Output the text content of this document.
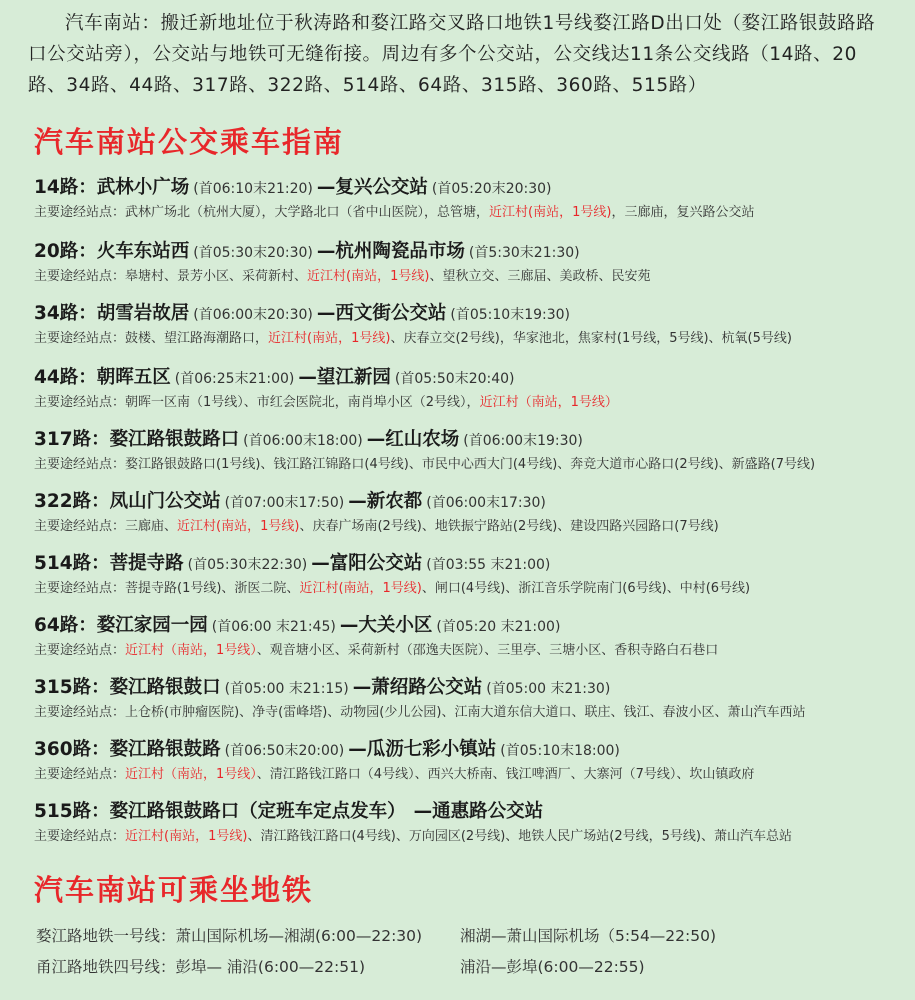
汽车南站：搬迁新地址位于秋涛路和婺江路交叉路口地铁1号线婺江路D出口处（婺江路银鼓路路口公交站旁），公交站与地铁可无缝衔接。周边有多个公交站，公交线达11条公交线路（14路、20路、34路、44路、317路、322路、514路、64路、315路、360路、515路）
汽车南站公交乘车指南
14路：武林小广场 (首06:10末21:20) —复兴公交站 (首05:20末20:30)
主要途经站点：武林广场北（杭州大厦），大学路北口（省中山医院），总管塘，近江村(南站，1号线)，三廊庙，复兴路公交站
20路：火车东站西 (首05:30末20:30) —杭州陶瓷品市场 (首5:30末21:30)
主要途经站点：皋塘村、景芳小区、采荷新村、近江村(南站，1号线)、望秋立交、三廊届、美政桥、民安苑
34路：胡雪岩故居 (首06:00末20:30) —西文街公交站 (首05:10末19:30)
主要途经站点：鼓楼、望江路海潮路口，近江村(南站，1号线)、庆春立交(2号线)，华家池北，焦家村(1号线，5号线)、杭氧(5号线)
44路：朝晖五区 (首06:25末21:00) —望江新园 (首05:50末20:40)
主要途经站点：朝晖一区南（1号线）、市红会医院北，南肖埠小区（2号线），近江村（南站，1号线）
317路：婺江路银鼓路口 (首06:00末18:00) —红山农场 (首06:00末19:30)
主要途经站点：婺江路银鼓路口(1号线)、钱江路江锦路口(4号线)、市民中心西大门(4号线)、奔竞大道市心路口(2号线)、新盛路(7号线)
322路：凤山门公交站 (首07:00末17:50) —新农都 (首06:00末17:30)
主要途经站点：三廊庙、近江村(南站，1号线)、庆春广场南(2号线)、地铁振宁路站(2号线)、建设四路兴园路口(7号线)
514路：菩提寺路 (首05:30末22:30) —富阳公交站 (首03:55 末21:00)
主要途经站点：菩提寺路(1号线)、浙医二院、近江村(南站，1号线)、闸口(4号线)、浙江音乐学院南门(6号线)、中村(6号线)
64路：婺江家园一园 (首06:00 末21:45) —大关小区 (首05:20 末21:00)
主要途经站点：近江村（南站，1号线）、观音塘小区、采荷新村（邵逸夫医院）、三里亭、三塘小区、香积寺路白石巷口
315路：婺江路银鼓口 (首05:00 末21:15) —萧绍路公交站 (首05:00 末21:30)
主要途经站点：上仓桥(市肿瘤医院)、净寺(雷峰塔)、动物园(少儿公园)、江南大道东信大道口、联庄、钱江、春波小区、萧山汽车西站
360路：婺江路银鼓路 (首06:50末20:00) —瓜沥七彩小镇站 (首05:10末18:00)
主要途经站点：近江村（南站，1号线）、清江路钱江路口（4号线）、西兴大桥南、钱江啤酒厂、大寨河（7号线）、坎山镇政府
515路：婺江路银鼓路口（定班车定点发车） —通惠路公交站
主要途经站点：近江村(南站，1号线)、清江路钱江路口(4号线)、万向园区(2号线)、地铁人民广场站(2号线，5号线)、萧山汽车总站
汽车南站可乘坐地铁
婺江路地铁一号线：萧山国际机场—湘湖(6:00—22:30) 湘湖—萧山国际机场（5:54—22:50)
甬江路地铁四号线：彭埠— 浦沿(6:00—22:51)	浦沿—彭埠(6:00—22:55)
